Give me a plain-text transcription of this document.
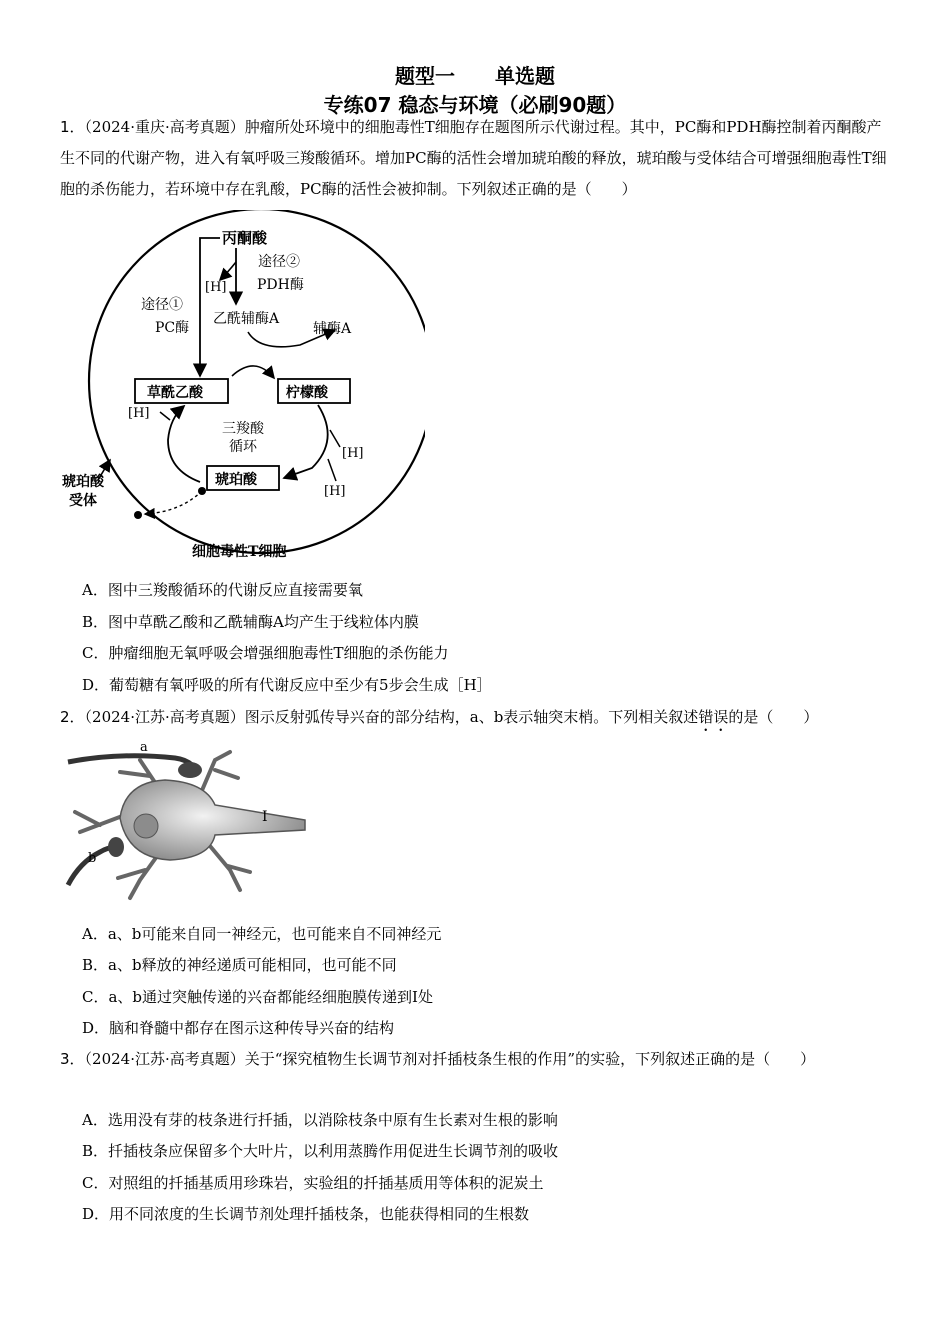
题型一　　单选题
专练07 稳态与环境（必刷90题）
1．（2024·重庆·高考真题）肿瘤所处环境中的细胞毒性T细胞存在题图所示代谢过程。其中，PC酶和PDH酶控制着丙酮酸产生不同的代谢产物，进入有氧呼吸三羧酸循环。增加PC酶的活性会增加琥珀酸的释放，琥珀酸与受体结合可增强细胞毒性T细胞的杀伤能力，若环境中存在乳酸，PC酶的活性会被抑制。下列叙述正确的是（　　）
丙酮酸
途径②
PDH酶
[H]
途径①
PC酶
乙酰辅酶A
辅酶A
草酰乙酸	柠檬酸
琥珀酸
[H]
[H]
[H]
三羧酸
循环
琥珀酸
受体
细胞毒性T细胞
A．图中三羧酸循环的代谢反应直接需要氧
B．图中草酰乙酸和乙酰辅酶A均产生于线粒体内膜
C．肿瘤细胞无氧呼吸会增强细胞毒性T细胞的杀伤能力
D．葡萄糖有氧呼吸的所有代谢反应中至少有5步会生成［H］
2．（2024·江苏·高考真题）图示反射弧传导兴奋的部分结构，a、b表示轴突末梢。下列相关叙述错误的是（　　）
a
b
I
A．a、b可能来自同一神经元，也可能来自不同神经元
B．a、b释放的神经递质可能相同，也可能不同
C．a、b通过突触传递的兴奋都能经细胞膜传递到Ⅰ处
D．脑和脊髓中都存在图示这种传导兴奋的结构
3．（2024·江苏·高考真题）关于“探究植物生长调节剂对扦插枝条生根的作用”的实验，下列叙述正确的是（　　）
A．选用没有芽的枝条进行扦插，以消除枝条中原有生长素对生根的影响
B．扦插枝条应保留多个大叶片，以利用蒸腾作用促进生长调节剂的吸收
C．对照组的扦插基质用珍珠岩，实验组的扦插基质用等体积的泥炭土
D．用不同浓度的生长调节剂处理扦插枝条，也能获得相同的生根数
